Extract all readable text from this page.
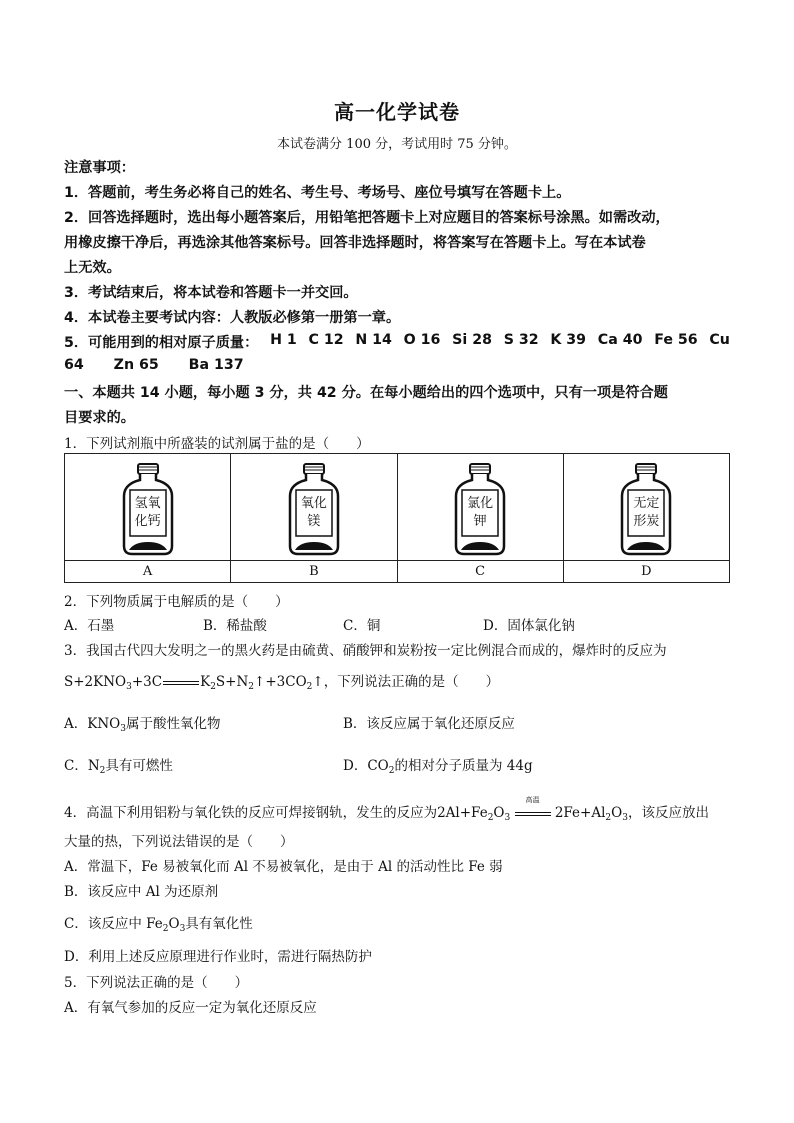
高一化学试卷
本试卷满分 100 分，考试用时 75 分钟。
注意事项：
1．答题前，考生务必将自己的姓名、考生号、考场号、座位号填写在答题卡上。
2．回答选择题时，选出每小题答案后，用铅笔把答题卡上对应题目的答案标号涂黑。如需改动，
用橡皮擦干净后，再选涂其他答案标号。回答非选择题时，将答案写在答题卡上。写在本试卷
上无效。
3．考试结束后，将本试卷和答题卡一并交回。
4．本试卷主要考试内容：人教版必修第一册第一章。
5．可能用到的相对原子质量： H 1 C 12 N 14 O 16 Si 28 S 32 K 39 Ca 40 Fe 56 Cu
64 Zn 65 Ba 137
一、本题共 14 小题，每小题 3 分，共 42 分。在每小题给出的四个选项中，只有一项是符合题
目要求的。
1．下列试剂瓶中所盛装的试剂属于盐的是（　　）
氢氧
化钙
A
氧化
镁
B
氯化
钾
C
无定
形炭
D
2．下列物质属于电解质的是（　　）
A．石墨	B．稀盐酸	C．铜	D．固体氯化钠
3．我国古代四大发明之一的黑火药是由硫黄、硝酸钾和炭粉按一定比例混合而成的，爆炸时的反应为
$S+2KNO_3+3C$	$K_2S+N_2↑+3CO_2↑$，下列说法正确的是（　　）
A．$KNO_3$属于酸性氧化物	B．该反应属于氧化还原反应
C．$N_2$具有可燃性	D．$CO_2$的相对分子质量为 44g
4．高温下利用铝粉与氧化铁的反应可焊接钢轨，发生的反应为$2Al+Fe_2O_3$
高温
$2Fe+Al_2O_3$，该反应放出
大量的热，下列说法错误的是（　　）
A．常温下，Fe 易被氧化而 Al 不易被氧化，是由于 Al 的活动性比 Fe 弱
B．该反应中 Al 为还原剂
C．该反应中 $Fe_2O_3$具有氧化性
D．利用上述反应原理进行作业时，需进行隔热防护
5．下列说法正确的是（　　）
A．有氧气参加的反应一定为氧化还原反应
